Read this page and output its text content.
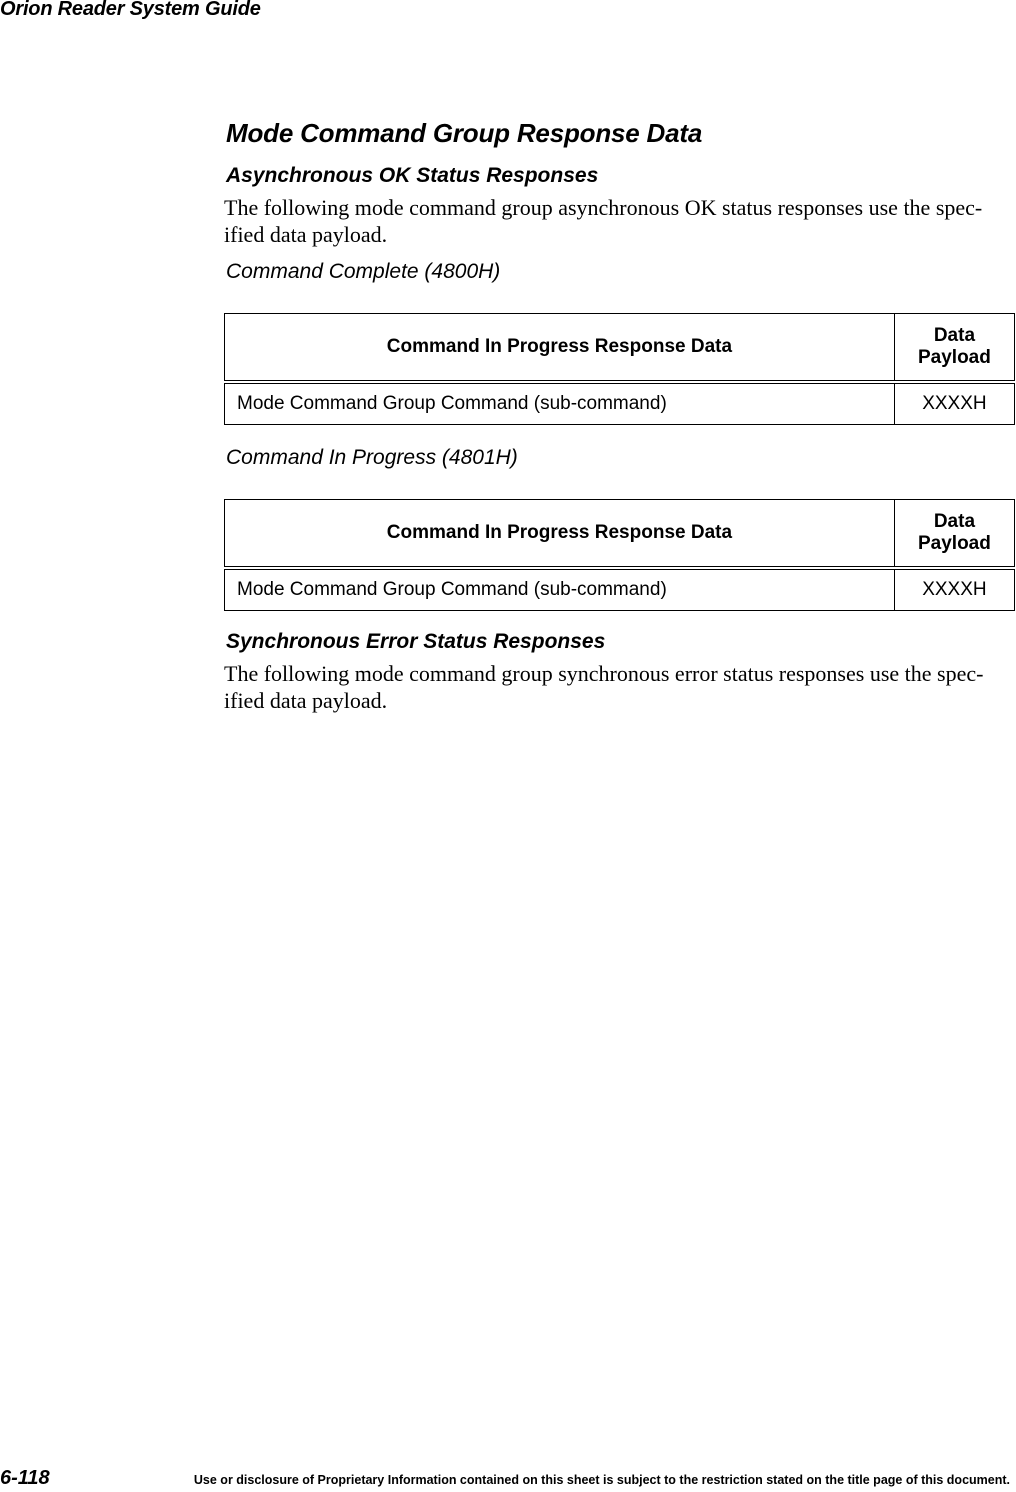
Orion Reader System Guide
Mode Command Group Response Data
Asynchronous OK Status Responses

The following mode command group asynchronous OK status responses use the spec-
ified data payload.

Command Complete (4800H)
Command In Progress Response Data	Data Payload
Mode Command Group Command (sub-command)	XXXXH
Command In Progress (4801H)
Command In Progress Response Data	Data Payload
Mode Command Group Command (sub-command)	XXXXH
Synchronous Error Status Responses

The following mode command group synchronous error status responses use the spec-
ified data payload.

6-118	Use or disclosure of Proprietary Information contained on this sheet is subject to the restriction stated on the title page of this document.
